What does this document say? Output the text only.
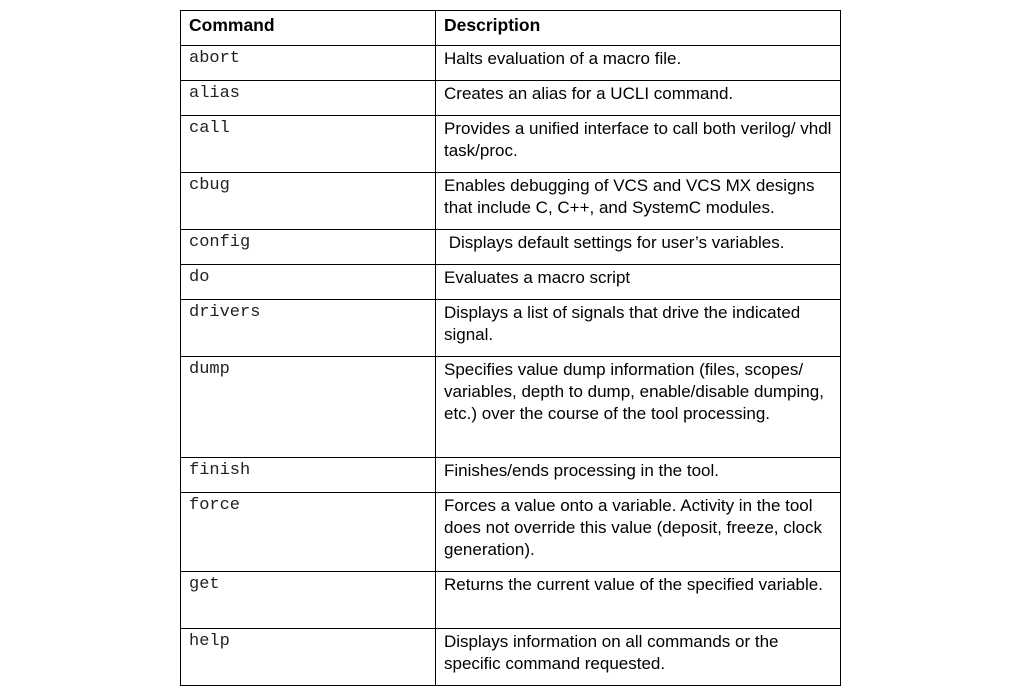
Command	Description
abort	Halts evaluation of a macro file.
alias	Creates an alias for a UCLI command.
call	Provides a unified interface to call both verilog/ vhdl task/proc.
cbug	Enables debugging of VCS and VCS MX designs that include C, C++, and SystemC modules.
config	Displays default settings for user’s variables.
do	Evaluates a macro script
drivers	Displays a list of signals that drive the indicated signal.
dump	Specifies value dump information (files, scopes/ variables, depth to dump, enable/disable dumping, etc.) over the course of the tool processing.
finish	Finishes/ends processing in the tool.
force	Forces a value onto a variable. Activity in the tool does not override this value (deposit, freeze, clock generation).
get	Returns the current value of the specified variable.
help	Displays information on all commands or the specific command requested.
